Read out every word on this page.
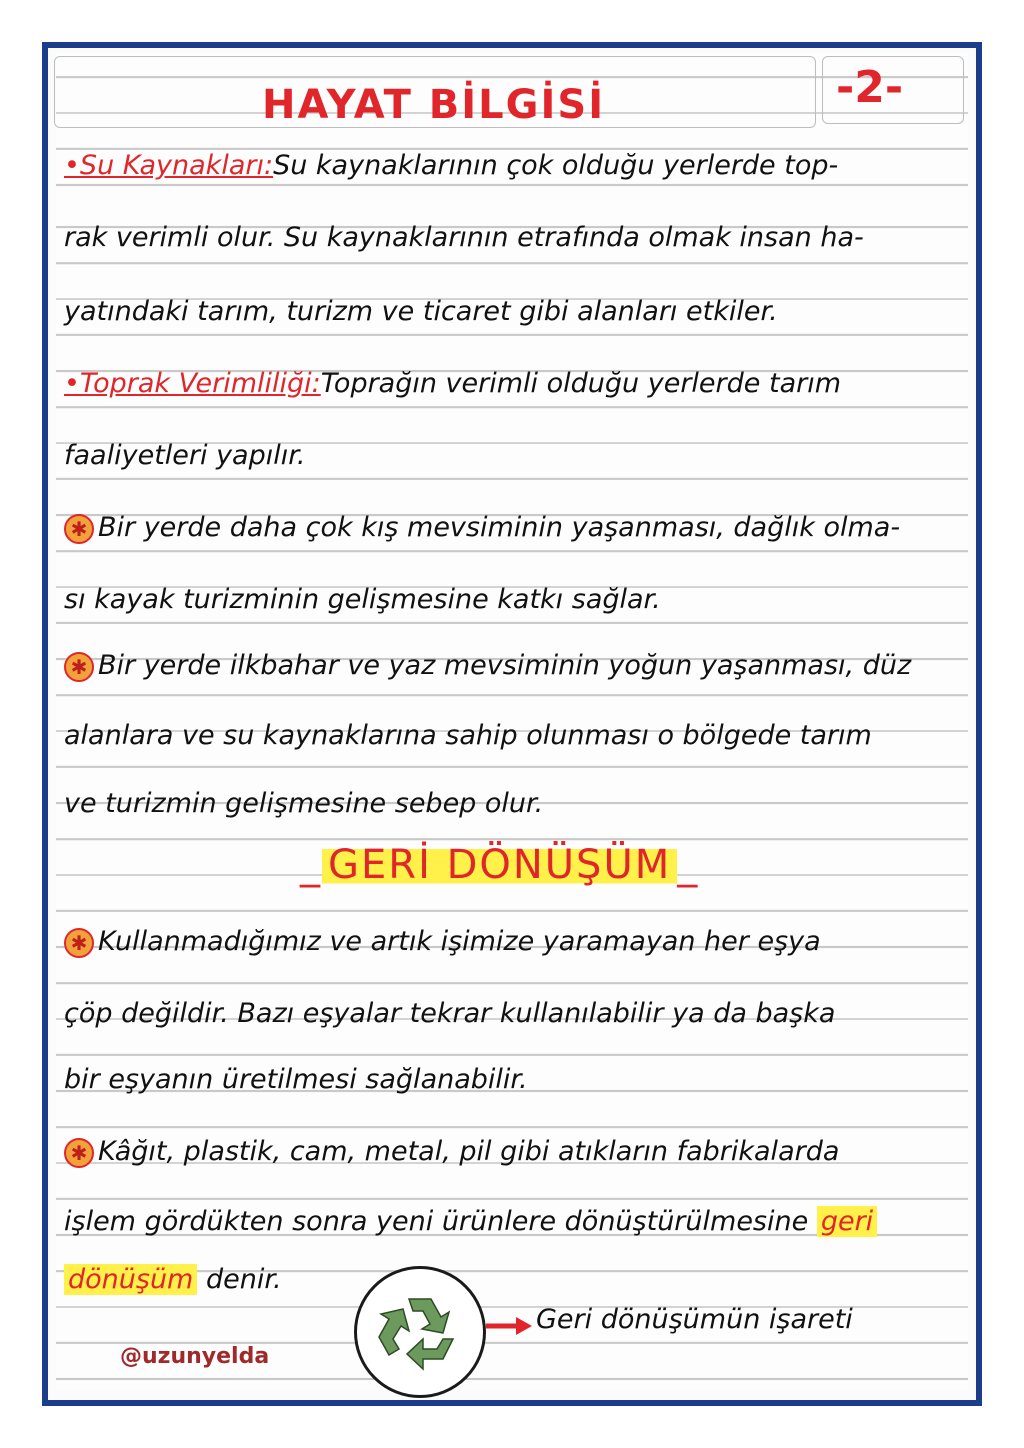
HAYAT BİLGİSİ	-2-
•Su Kaynakları:Su kaynaklarının çok olduğu yerlerde top-
rak verimli olur. Su kaynaklarının etrafında olmak insan ha-
yatındaki tarım, turizm ve ticaret gibi alanları etkiler.
•Toprak Verimliliği:Toprağın verimli olduğu yerlerde tarım
faaliyetleri yapılır.
✱ Bir yerde daha çok kış mevsiminin yaşanması, dağlık olma-
sı kayak turizminin gelişmesine katkı sağlar.
✱ Bir yerde ilkbahar ve yaz mevsiminin yoğun yaşanması, düz
alanlara ve su kaynaklarına sahip olunması o bölgede tarım
ve turizmin gelişmesine sebep olur.
_ GERİ DÖNÜŞÜM _
✱ Kullanmadığımız ve artık işimize yaramayan her eşya
çöp değildir. Bazı eşyalar tekrar kullanılabilir ya da başka
bir eşyanın üretilmesi sağlanabilir.
✱ Kâğıt, plastik, cam, metal, pil gibi atıkların fabrikalarda
işlem gördükten sonra yeni ürünlere dönüştürülmesine geri
dönüşüm denir.
Geri dönüşümün işareti
@uzunyelda
